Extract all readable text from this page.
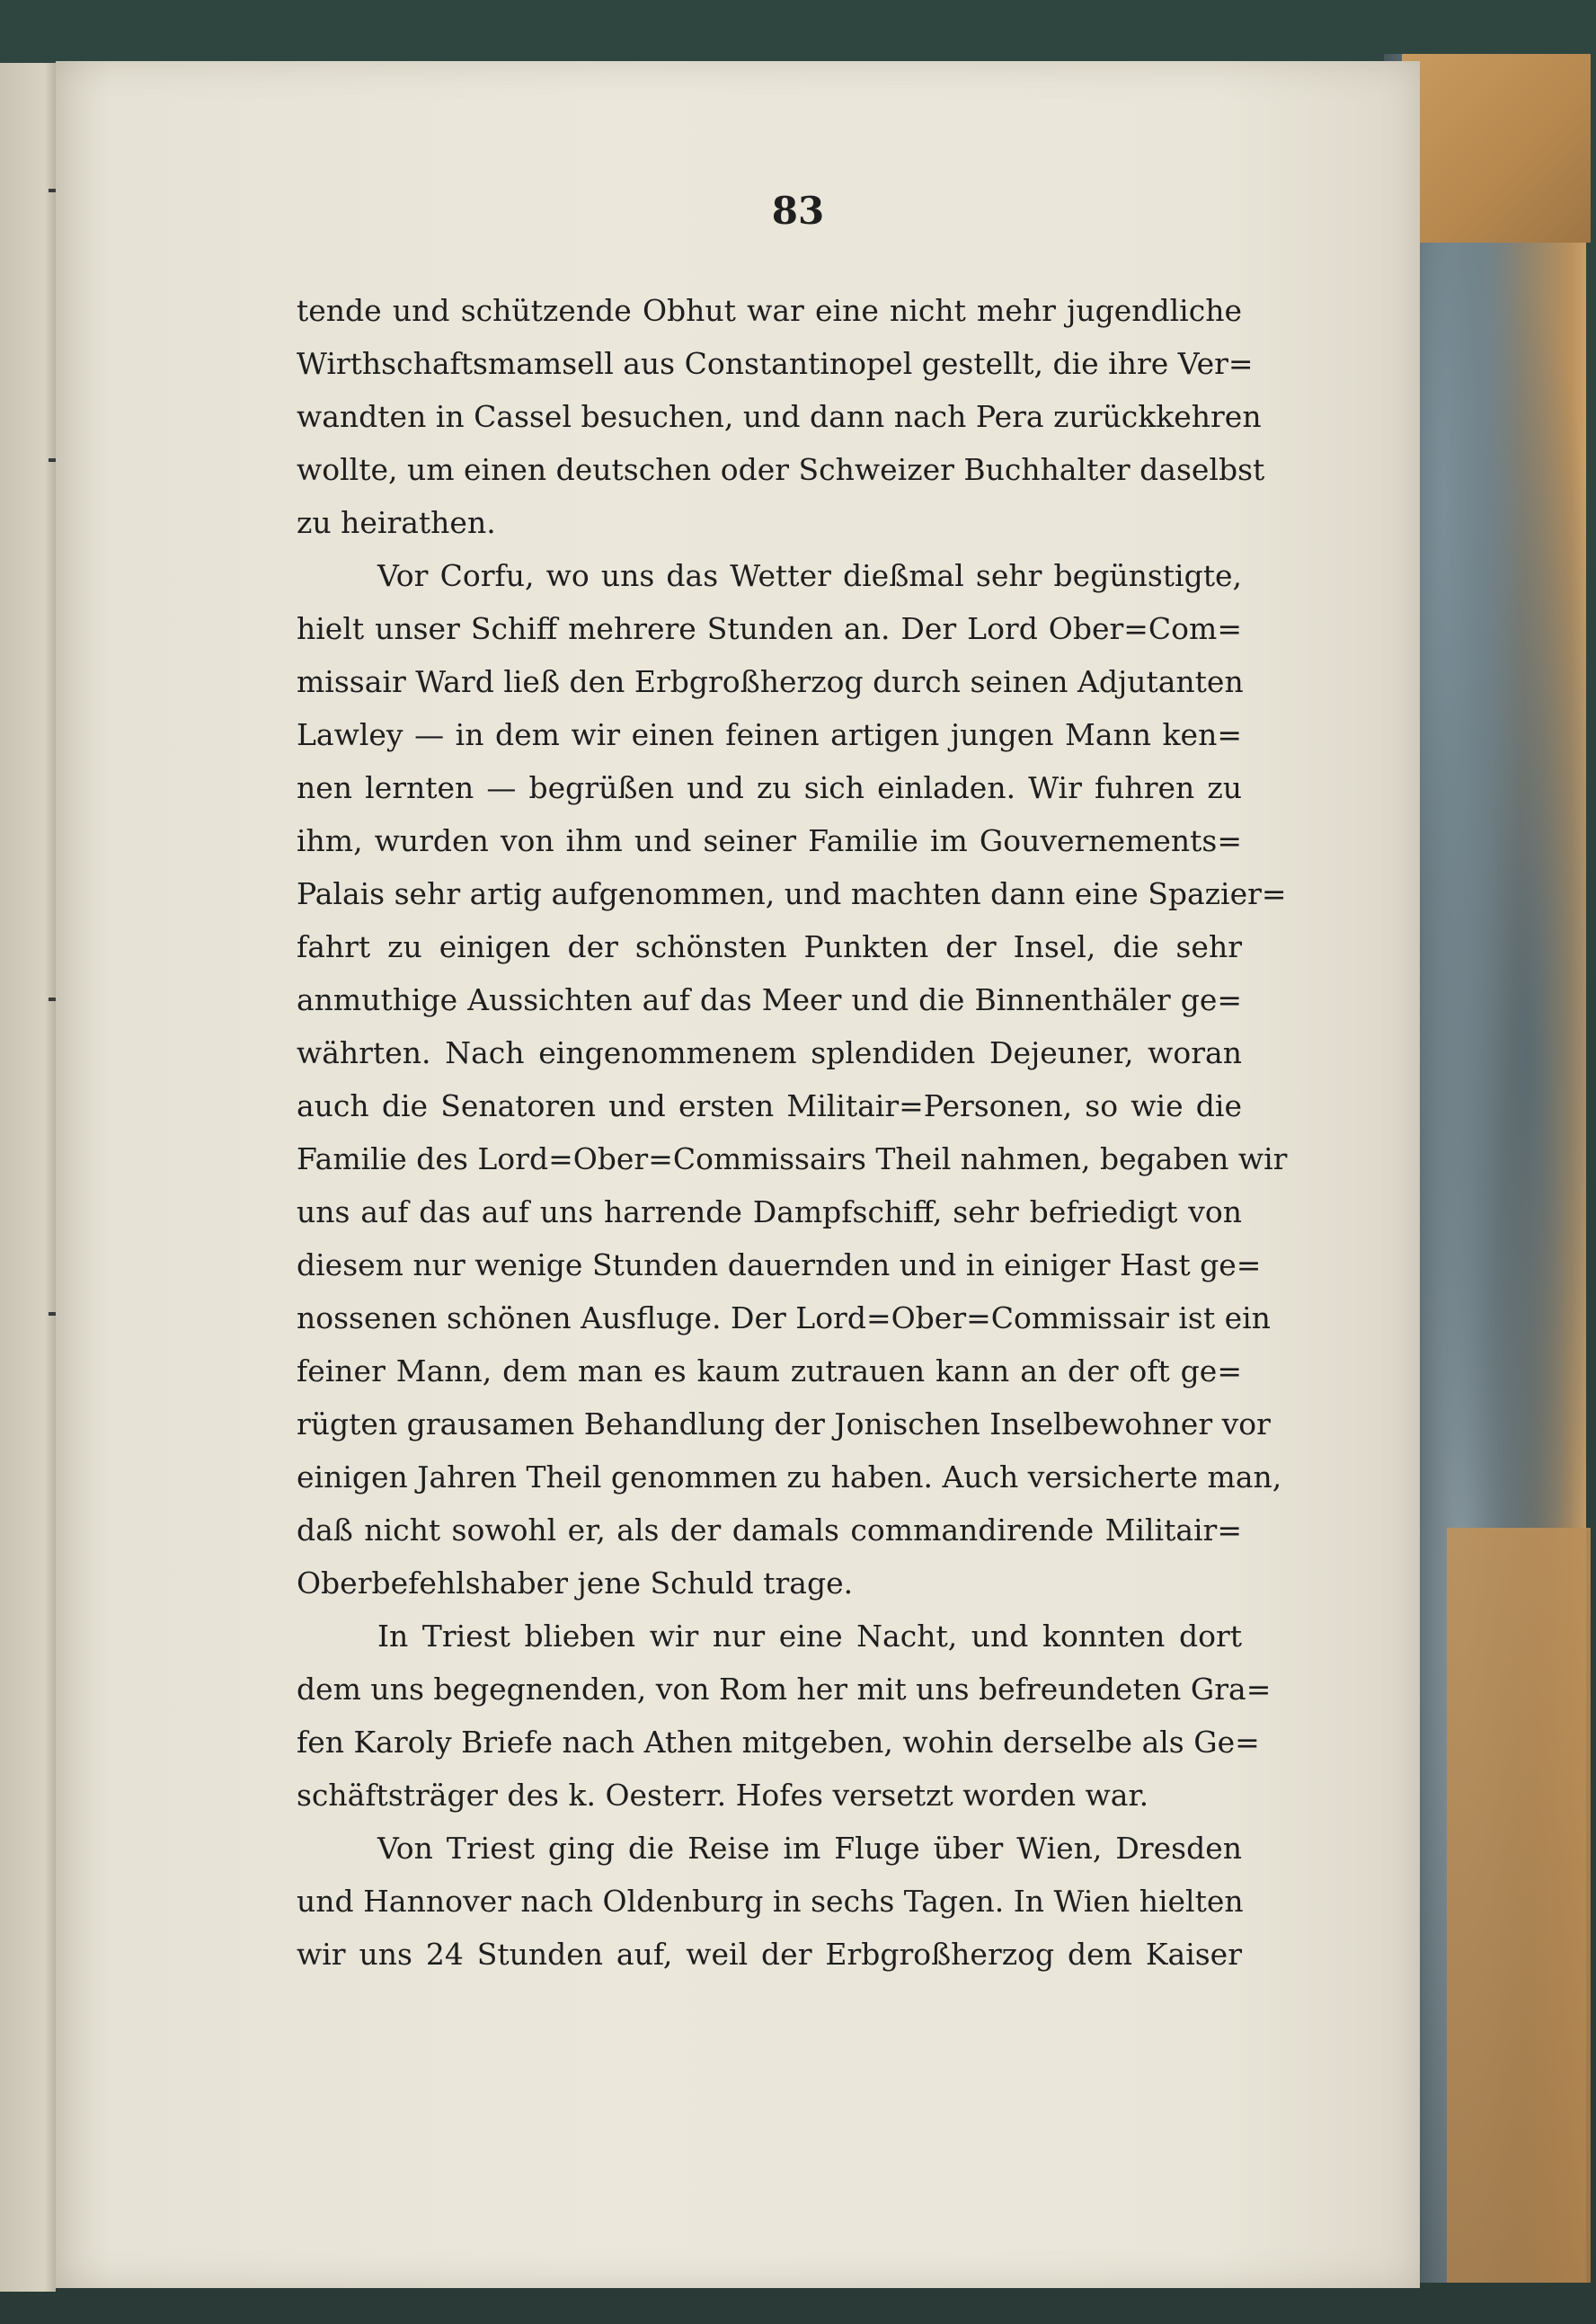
83
tende und schützende Obhut war eine nicht mehr jugendliche
Wirthschaftsmamsell aus Constantinopel gestellt, die ihre Ver=
wandten in Cassel besuchen, und dann nach Pera zurückkehren
wollte, um einen deutschen oder Schweizer Buchhalter daselbst
zu heirathen.
Vor Corfu, wo uns das Wetter dießmal sehr begünstigte,
hielt unser Schiff mehrere Stunden an. Der Lord Ober=Com=
missair Ward ließ den Erbgroßherzog durch seinen Adjutanten
Lawley — in dem wir einen feinen artigen jungen Mann ken=
nen lernten — begrüßen und zu sich einladen. Wir fuhren zu
ihm, wurden von ihm und seiner Familie im Gouvernements=
Palais sehr artig aufgenommen, und machten dann eine Spazier=
fahrt zu einigen der schönsten Punkten der Insel, die sehr
anmuthige Aussichten auf das Meer und die Binnenthäler ge=
währten. Nach eingenommenem splendiden Dejeuner, woran
auch die Senatoren und ersten Militair=Personen, so wie die
Familie des Lord=Ober=Commissairs Theil nahmen, begaben wir
uns auf das auf uns harrende Dampfschiff, sehr befriedigt von
diesem nur wenige Stunden dauernden und in einiger Hast ge=
nossenen schönen Ausfluge. Der Lord=Ober=Commissair ist ein
feiner Mann, dem man es kaum zutrauen kann an der oft ge=
rügten grausamen Behandlung der Jonischen Inselbewohner vor
einigen Jahren Theil genommen zu haben. Auch versicherte man,
daß nicht sowohl er, als der damals commandirende Militair=
Oberbefehlshaber jene Schuld trage.
In Triest blieben wir nur eine Nacht, und konnten dort
dem uns begegnenden, von Rom her mit uns befreundeten Gra=
fen Karoly Briefe nach Athen mitgeben, wohin derselbe als Ge=
schäftsträger des k. Oesterr. Hofes versetzt worden war.
Von Triest ging die Reise im Fluge über Wien, Dresden
und Hannover nach Oldenburg in sechs Tagen. In Wien hielten
wir uns 24 Stunden auf, weil der Erbgroßherzog dem Kaiser
